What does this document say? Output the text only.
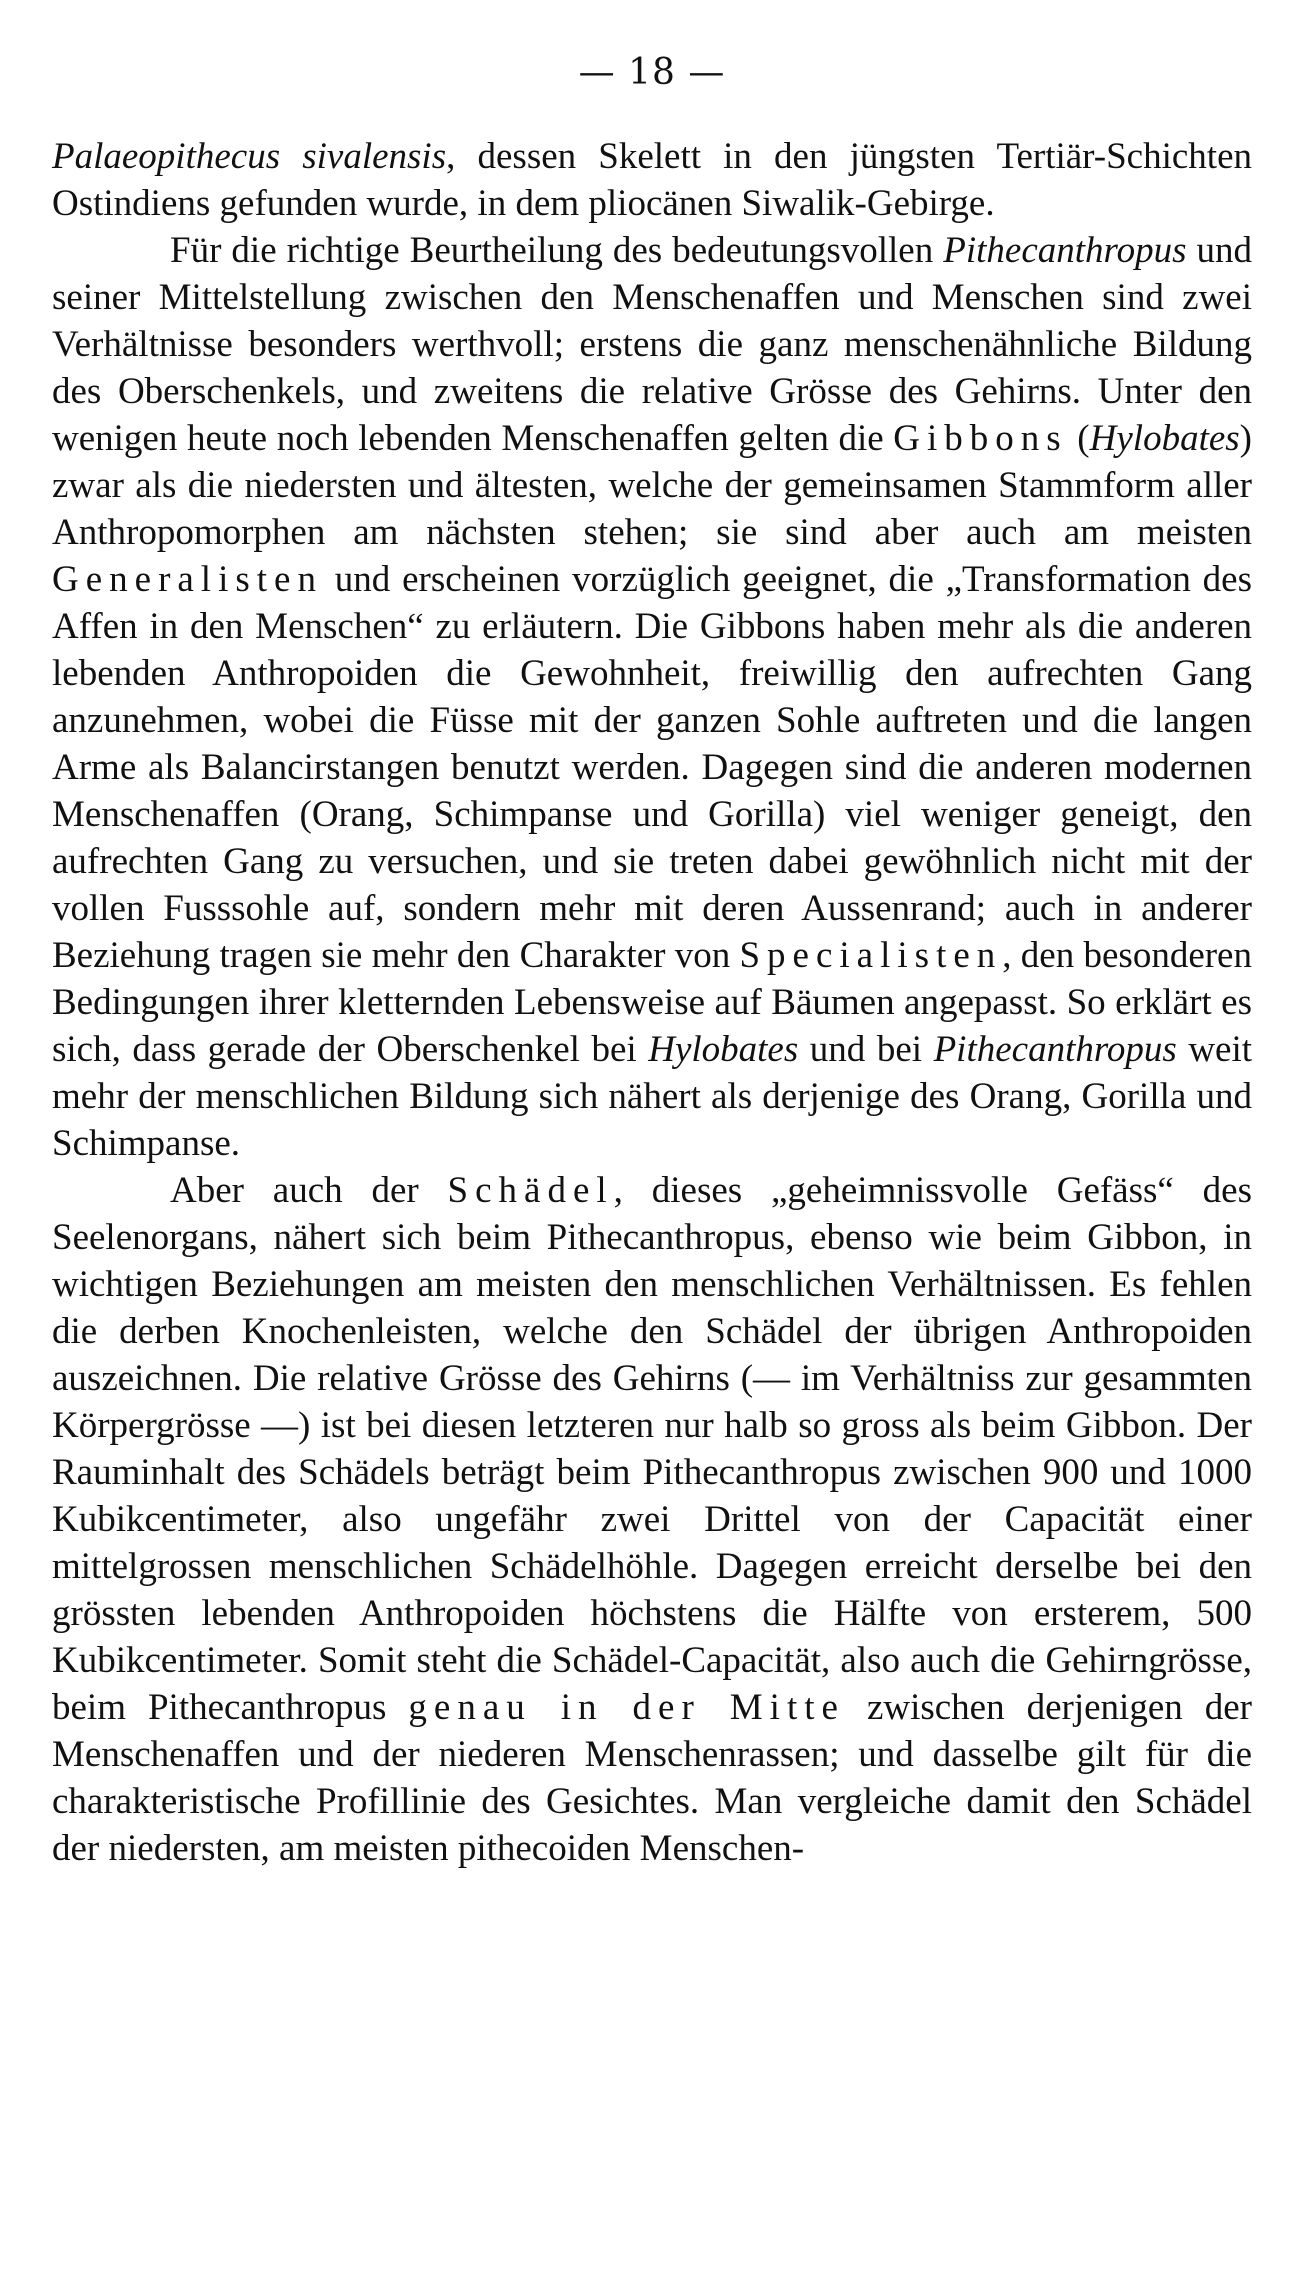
— 18 —

Palaeopithecus sivalensis, dessen Skelett in den jüngsten Tertiär-Schichten Ostindiens gefunden wurde, in dem pliocänen Siwalik-Gebirge.

Für die richtige Beurtheilung des bedeutungsvollen Pithecanthropus und seiner Mittelstellung zwischen den Menschenaffen und Menschen sind zwei Verhältnisse besonders werthvoll; erstens die ganz menschenähnliche Bildung des Oberschenkels, und zweitens die relative Grösse des Gehirns. Unter den wenigen heute noch lebenden Menschenaffen gelten die Gibbons (Hylobates) zwar als die niedersten und ältesten, welche der gemeinsamen Stammform aller Anthropomorphen am nächsten stehen; sie sind aber auch am meisten Generalisten und erscheinen vorzüglich geeignet, die „Transformation des Affen in den Menschen“ zu erläutern. Die Gibbons haben mehr als die anderen lebenden Anthropoiden die Gewohnheit, freiwillig den aufrechten Gang anzunehmen, wobei die Füsse mit der ganzen Sohle auftreten und die langen Arme als Balancirstangen benutzt werden. Dagegen sind die anderen modernen Menschenaffen (Orang, Schimpanse und Gorilla) viel weniger geneigt, den aufrechten Gang zu versuchen, und sie treten dabei gewöhnlich nicht mit der vollen Fusssohle auf, sondern mehr mit deren Aussenrand; auch in anderer Beziehung tragen sie mehr den Charakter von Specialisten, den besonderen Bedingungen ihrer kletternden Lebensweise auf Bäumen angepasst. So erklärt es sich, dass gerade der Oberschenkel bei Hylobates und bei Pithecanthropus weit mehr der menschlichen Bildung sich nähert als derjenige des Orang, Gorilla und Schimpanse.

Aber auch der Schädel, dieses „geheimnissvolle Gefäss“ des Seelenorgans, nähert sich beim Pithecanthropus, ebenso wie beim Gibbon, in wichtigen Beziehungen am meisten den menschlichen Verhältnissen. Es fehlen die derben Knochenleisten, welche den Schädel der übrigen Anthropoiden auszeichnen. Die relative Grösse des Gehirns (— im Verhältniss zur gesammten Körpergrösse —) ist bei diesen letzteren nur halb so gross als beim Gibbon. Der Rauminhalt des Schädels beträgt beim Pithecanthropus zwischen 900 und 1000 Kubikcentimeter, also ungefähr zwei Drittel von der Capacität einer mittelgrossen menschlichen Schädelhöhle. Dagegen erreicht derselbe bei den grössten lebenden Anthropoiden höchstens die Hälfte von ersterem, 500 Kubikcentimeter. Somit steht die Schädel-Capacität, also auch die Gehirngrösse, beim Pithecanthropus genau in der Mitte zwischen derjenigen der Menschenaffen und der niederen Menschenrassen; und dasselbe gilt für die charakteristische Profillinie des Gesichtes. Man vergleiche damit den Schädel der niedersten, am meisten pithecoiden Menschen-
